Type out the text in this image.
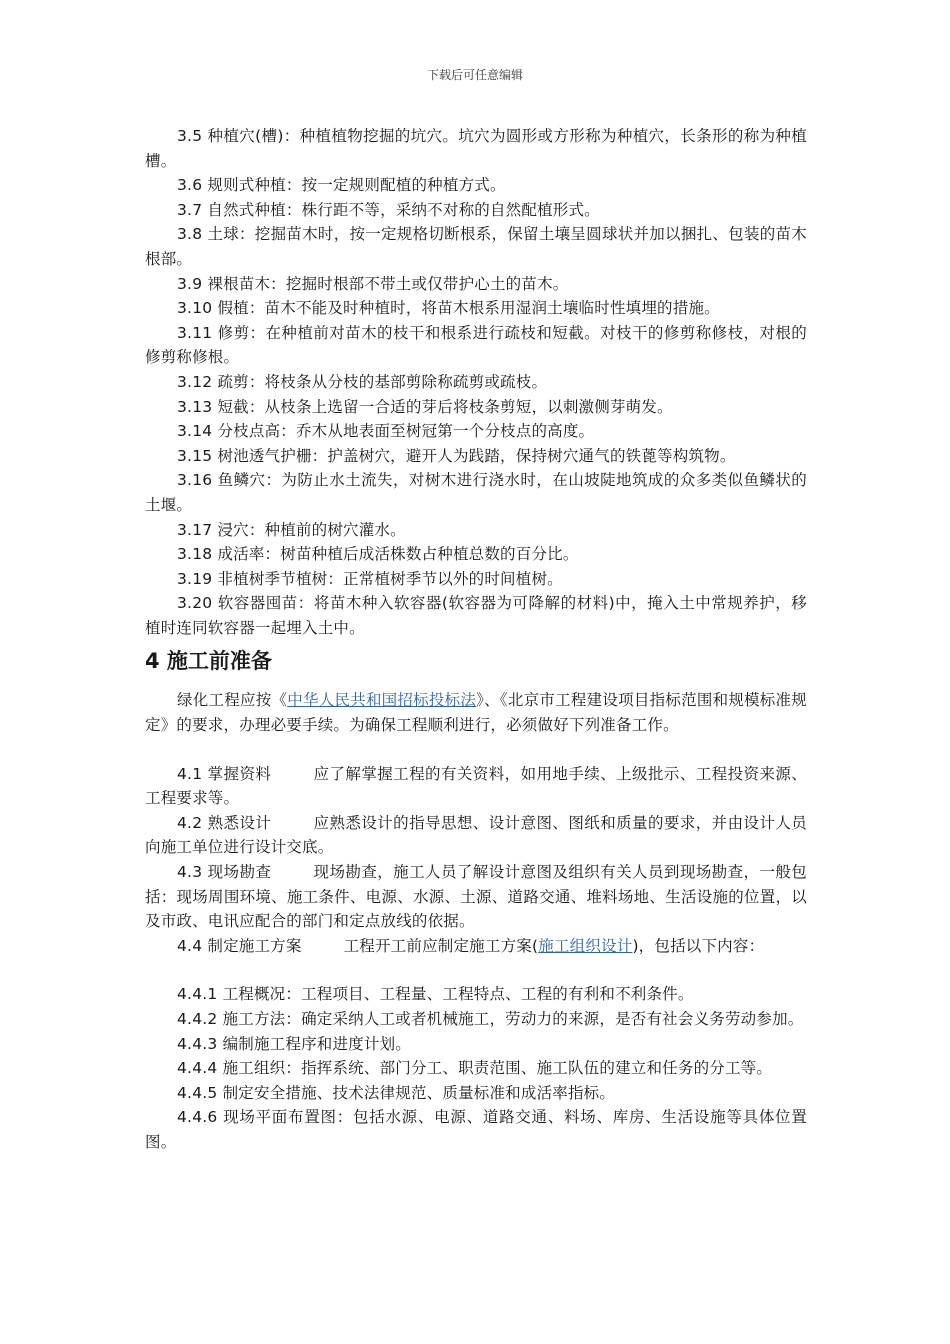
下载后可任意编辑

3.5 种植穴(槽)：种植植物挖掘的坑穴。坑穴为圆形或方形称为种植穴，长条形的称为种植槽。

3.6 规则式种植：按一定规则配植的种植方式。

3.7 自然式种植：株行距不等，采纳不对称的自然配植形式。

3.8 土球：挖掘苗木时，按一定规格切断根系，保留土壤呈圆球状并加以捆扎、包装的苗木根部。

3.9 裸根苗木：挖掘时根部不带土或仅带护心土的苗木。

3.10 假植：苗木不能及时种植时，将苗木根系用湿润土壤临时性填埋的措施。

3.11 修剪：在种植前对苗木的枝干和根系进行疏枝和短截。对枝干的修剪称修枝，对根的修剪称修根。

3.12 疏剪：将枝条从分枝的基部剪除称疏剪或疏枝。

3.13 短截：从枝条上选留一合适的芽后将枝条剪短，以刺激侧芽萌发。

3.14 分枝点高：乔木从地表面至树冠第一个分枝点的高度。

3.15 树池透气护栅：护盖树穴，避开人为践踏，保持树穴通气的铁蓖等构筑物。

3.16 鱼鳞穴：为防止水土流失，对树木进行浇水时，在山坡陡地筑成的众多类似鱼鳞状的土堰。

3.17 浸穴：种植前的树穴灌水。

3.18 成活率：树苗种植后成活株数占种植总数的百分比。

3.19 非植树季节植树：正常植树季节以外的时间植树。

3.20 软容器囤苗：将苗木种入软容器(软容器为可降解的材料)中，掩入土中常规养护，移植时连同软容器一起埋入土中。

4 施工前准备

绿化工程应按《中华人民共和国招标投标法》、《北京市工程建设项目指标范围和规模标准规定》的要求，办理必要手续。为确保工程顺利进行，必须做好下列准备工作。

4.1 掌握资料	应了解掌握工程的有关资料，如用地手续、上级批示、工程投资来源、工程要求等。

4.2 熟悉设计	应熟悉设计的指导思想、设计意图、图纸和质量的要求，并由设计人员向施工单位进行设计交底。

4.3 现场勘查	现场勘查，施工人员了解设计意图及组织有关人员到现场勘查，一般包括：现场周围环境、施工条件、电源、水源、土源、道路交通、堆料场地、生活设施的位置，以及市政、电讯应配合的部门和定点放线的依据。

4.4 制定施工方案	工程开工前应制定施工方案(施工组织设计)，包括以下内容：

4.4.1 工程概况：工程项目、工程量、工程特点、工程的有利和不利条件。

4.4.2 施工方法：确定采纳人工或者机械施工，劳动力的来源，是否有社会义务劳动参加。

4.4.3 编制施工程序和进度计划。

4.4.4 施工组织：指挥系统、部门分工、职责范围、施工队伍的建立和任务的分工等。

4.4.5 制定安全措施、技术法律规范、质量标准和成活率指标。

4.4.6 现场平面布置图：包括水源、电源、道路交通、料场、库房、生活设施等具体位置图。
